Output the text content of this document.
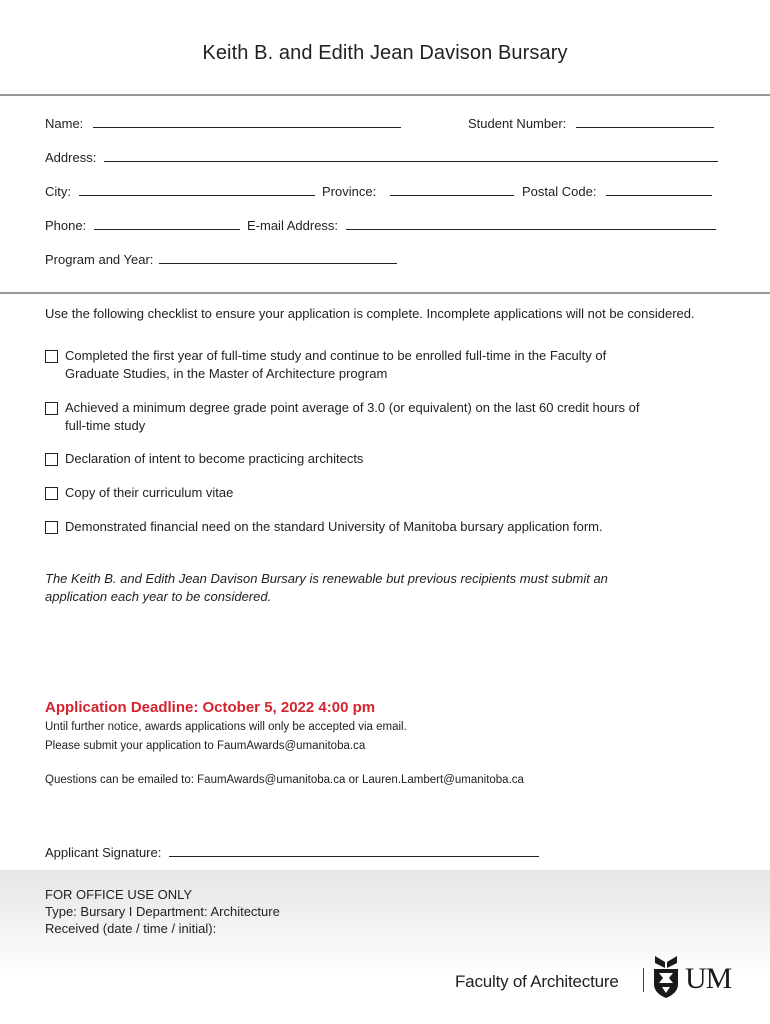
Keith B. and Edith Jean Davison Bursary
Name:	Student Number:
Address:
City:	Province:	Postal Code:
Phone:	E-mail Address:
Program and Year:
Use the following checklist to ensure your application is complete. Incomplete applications will not be considered.
Completed the first year of full-time study and continue to be enrolled full-time in the Faculty of
Graduate Studies, in the Master of Architecture program
Achieved a minimum degree grade point average of 3.0 (or equivalent) on the last 60 credit hours of
full-time study
Declaration of intent to become practicing architects
Copy of their curriculum vitae
Demonstrated financial need on the standard University of Manitoba bursary application form.
The Keith B. and Edith Jean Davison Bursary is renewable but previous recipients must submit an
application each year to be considered.
Application Deadline: October 5, 2022 4:00 pm
Until further notice, awards applications will only be accepted via email.
Please submit your application to FaumAwards@umanitoba.ca
Questions can be emailed to: FaumAwards@umanitoba.ca or Lauren.Lambert@umanitoba.ca
Applicant Signature:
FOR OFFICE USE ONLY
Type: Bursary I Department: Architecture
Received (date / time / initial):
Faculty of Architecture UM
